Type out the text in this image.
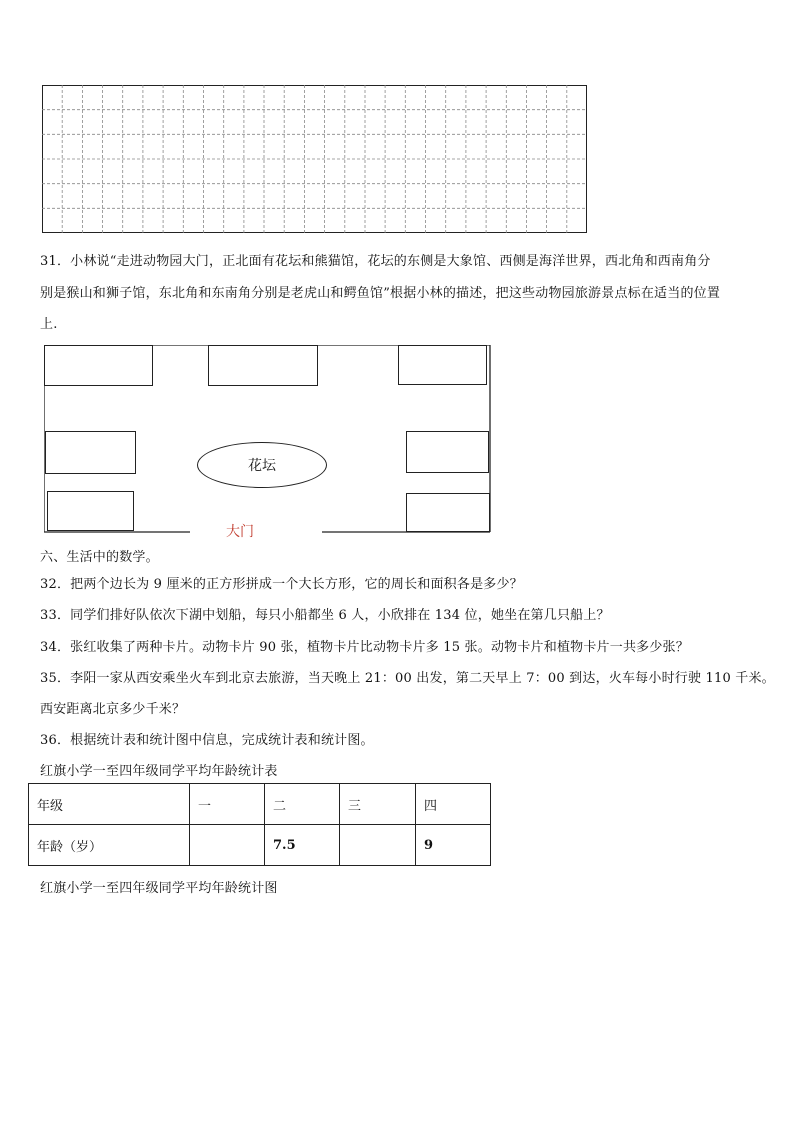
31．小林说“走进动物园大门，正北面有花坛和熊猫馆，花坛的东侧是大象馆、西侧是海洋世界，西北角和西南角分
别是猴山和狮子馆，东北角和东南角分别是老虎山和鳄鱼馆”根据小林的描述，把这些动物园旅游景点标在适当的位置
上.
花坛
大门
六、生活中的数学。
32．把两个边长为 9 厘米的正方形拼成一个大长方形，它的周长和面积各是多少？
33．同学们排好队依次下湖中划船，每只小船都坐 6 人，小欣排在 134 位，她坐在第几只船上？
34．张红收集了两种卡片。动物卡片 90 张，植物卡片比动物卡片多 15 张。动物卡片和植物卡片一共多少张？
35．李阳一家从西安乘坐火车到北京去旅游，当天晚上 21：00 出发，第二天早上 7：00 到达，火车每小时行驶 110 千米。
西安距离北京多少千米？
36．根据统计表和统计图中信息，完成统计表和统计图。
红旗小学一至四年级同学平均年龄统计表
年级	一	二	三	四
年龄（岁）		7.5		9
红旗小学一至四年级同学平均年龄统计图
